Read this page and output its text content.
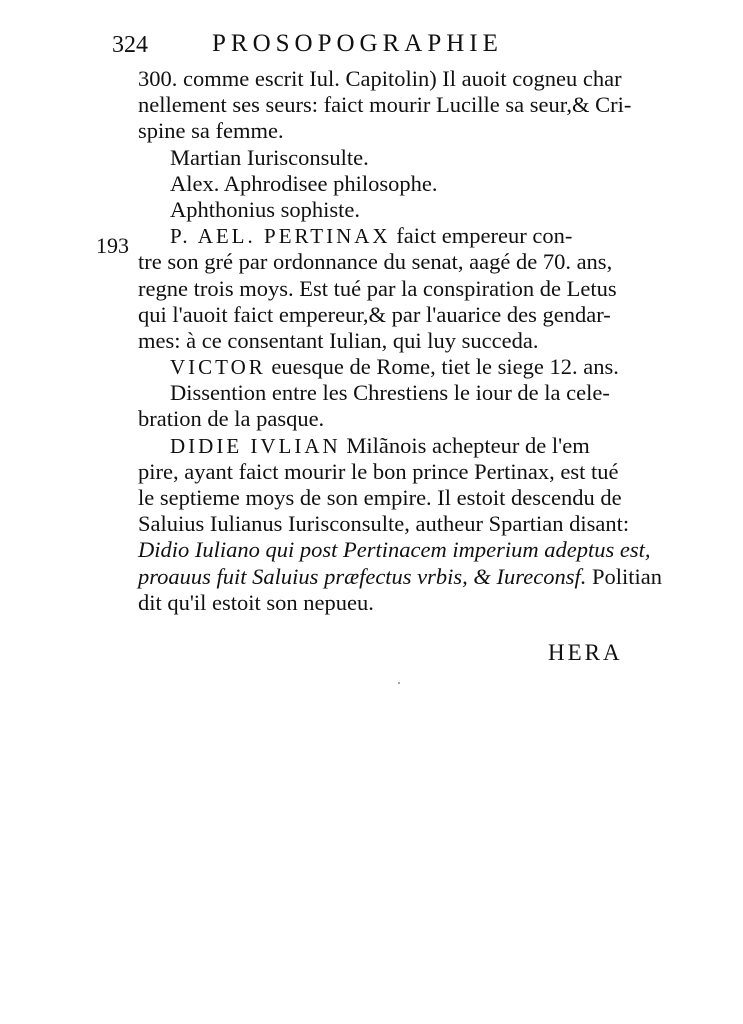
324	PROSOPOGRAPHIE
193
300. comme escrit Iul. Capitolin) Il auoit cogneu char
nellement ses seurs: faict mourir Lucille sa seur,& Cri-
spine sa femme.
Martian Iurisconsulte.
Alex. Aphrodisee philosophe.
Aphthonius sophiste.
P. AEL. PERTINAX faict empereur con-
tre son gré par ordonnance du senat, aagé de 70. ans,
regne trois moys. Est tué par la conspiration de Letus
qui l'auoit faict empereur,& par l'auarice des gendar-
mes: à ce consentant Iulian, qui luy succeda.
VICTOR euesque de Rome, tiet le siege 12. ans.
Dissention entre les Chrestiens le iour de la cele-
bration de la pasque.
DIDIE IVLIAN Milãnois achepteur de l'em
pire, ayant faict mourir le bon prince Pertinax, est tué
le septieme moys de son empire. Il estoit descendu de
Saluius Iulianus Iurisconsulte, autheur Spartian disant:
Didio Iuliano qui post Pertinacem imperium adeptus est,
proauus fuit Saluius præfectus vrbis, & Iureconsf. Politian
dit qu'il estoit son nepueu.
HERA
